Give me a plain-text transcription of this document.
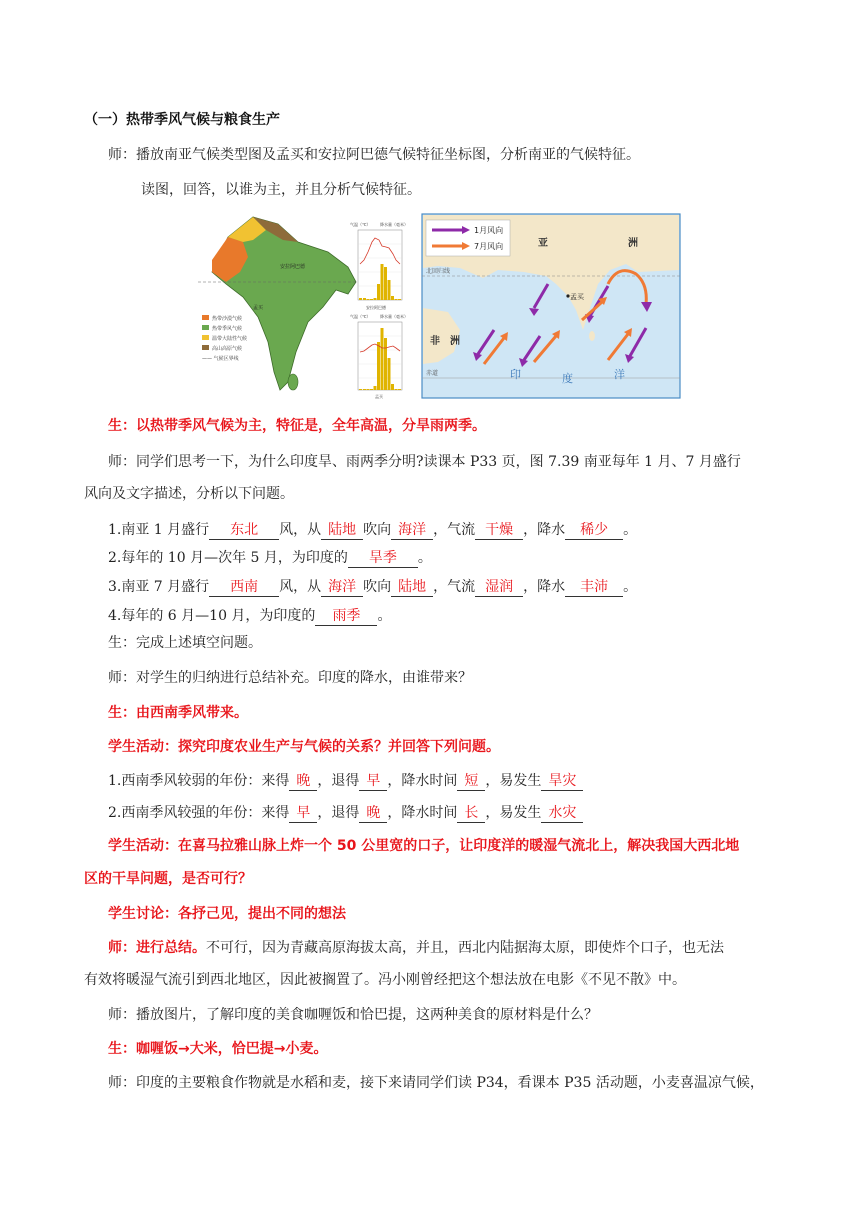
（一）热带季风气候与粮食生产
师：播放南亚气候类型图及孟买和安拉阿巴德气候特征坐标图，分析南亚的气候特征。
读图，回答，以谁为主，并且分析气候特征。
安拉阿巴德
孟买
热带沙漠气候
热带季风气候
温带大陆性气候
高山高原气候
—— 气候区界线
气温（℃） 降水量（毫米）
安拉阿巴德
气温（℃） 降水量（毫米）
孟买
北回归线
赤道
亚	洲
非 洲
印	度	洋
孟买
1月风向
7月风向
生：以热带季风气候为主，特征是，全年高温，分旱雨两季。
师：同学们思考一下，为什么印度旱、雨两季分明?读课本 P33 页，图 7.39 南亚每年 1 月、7 月盛行
风向及文字描述，分析以下问题。
1.南亚 1 月盛行 东北 风，从 陆地 吹向 海洋 ，气流 干燥 ，降水 稀少 。
2.每年的 10 月—次年 5 月，为印度的 旱季 。
3.南亚 7 月盛行 西南 风，从 海洋 吹向 陆地 ，气流 湿润 ，降水 丰沛 。
4.每年的 6 月—10 月，为印度的 雨季 。
生：完成上述填空问题。
师：对学生的归纳进行总结补充。印度的降水，由谁带来？
生：由西南季风带来。
学生活动：探究印度农业生产与气候的关系？并回答下列问题。
1.西南季风较弱的年份：来得 晚 ，退得 早 ，降水时间 短 ，易发生 旱灾
2.西南季风较强的年份：来得 早 ，退得 晚 ，降水时间 长 ，易发生 水灾
学生活动：在喜马拉雅山脉上炸一个 50 公里宽的口子，让印度洋的暖湿气流北上，解决我国大西北地
区的干旱问题，是否可行？
学生讨论：各抒己见，提出不同的想法
师：进行总结。不可行，因为青藏高原海拔太高，并且，西北内陆据海太原，即使炸个口子，也无法
有效将暖湿气流引到西北地区，因此被搁置了。冯小刚曾经把这个想法放在电影《不见不散》中。
师：播放图片，了解印度的美食咖喱饭和恰巴提，这两种美食的原材料是什么？
生：咖喱饭→大米，恰巴提→小麦。
师：印度的主要粮食作物就是水稻和麦，接下来请同学们读 P34，看课本 P35 活动题，小麦喜温凉气候，
